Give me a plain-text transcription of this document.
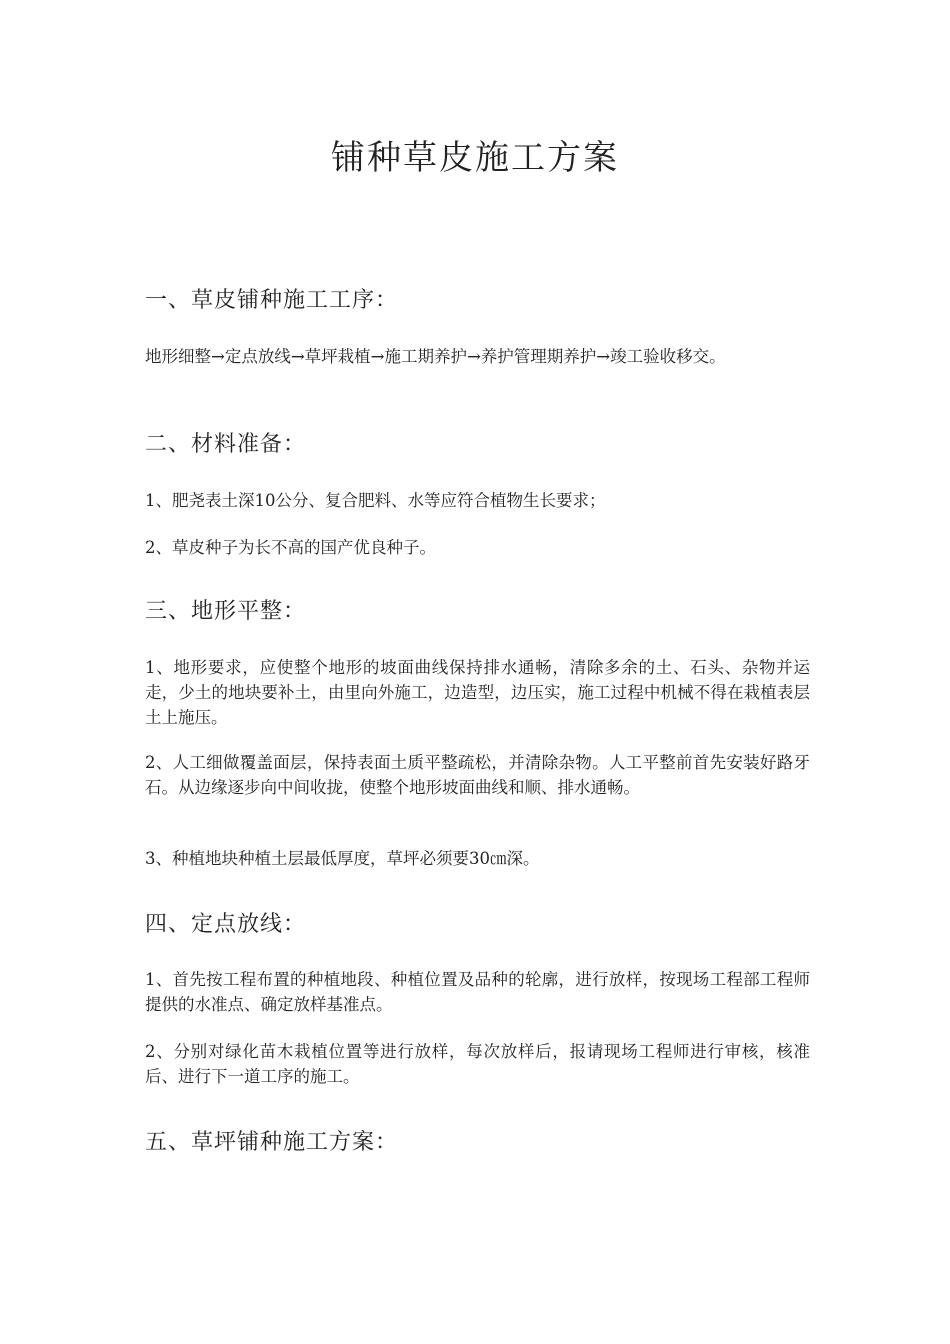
铺种草皮施工方案
一、草皮铺种施工工序：

地形细整→定点放线→草坪栽植→施工期养护→养护管理期养护→竣工验收移交。

二、材料准备：

1、肥尧表土深10公分、复合肥料、水等应符合植物生长要求；

2、草皮种子为长不高的国产优良种子。

三、地形平整：

1、地形要求，应使整个地形的坡面曲线保持排水通畅，清除多余的土、石头、杂物并运走，少土的地块要补土，由里向外施工，边造型，边压实，施工过程中机械不得在栽植表层土上施压。

2、人工细做覆盖面层，保持表面土质平整疏松，并清除杂物。人工平整前首先安装好路牙石。从边缘逐步向中间收拢，使整个地形坡面曲线和顺、排水通畅。

3、种植地块种植土层最低厚度，草坪必须要30㎝深。

四、定点放线：

1、首先按工程布置的种植地段、种植位置及品种的轮廓，进行放样，按现场工程部工程师提供的水准点、确定放样基准点。

2、分别对绿化苗木栽植位置等进行放样，每次放样后，报请现场工程师进行审核，核准后、进行下一道工序的施工。

五、草坪铺种施工方案：
